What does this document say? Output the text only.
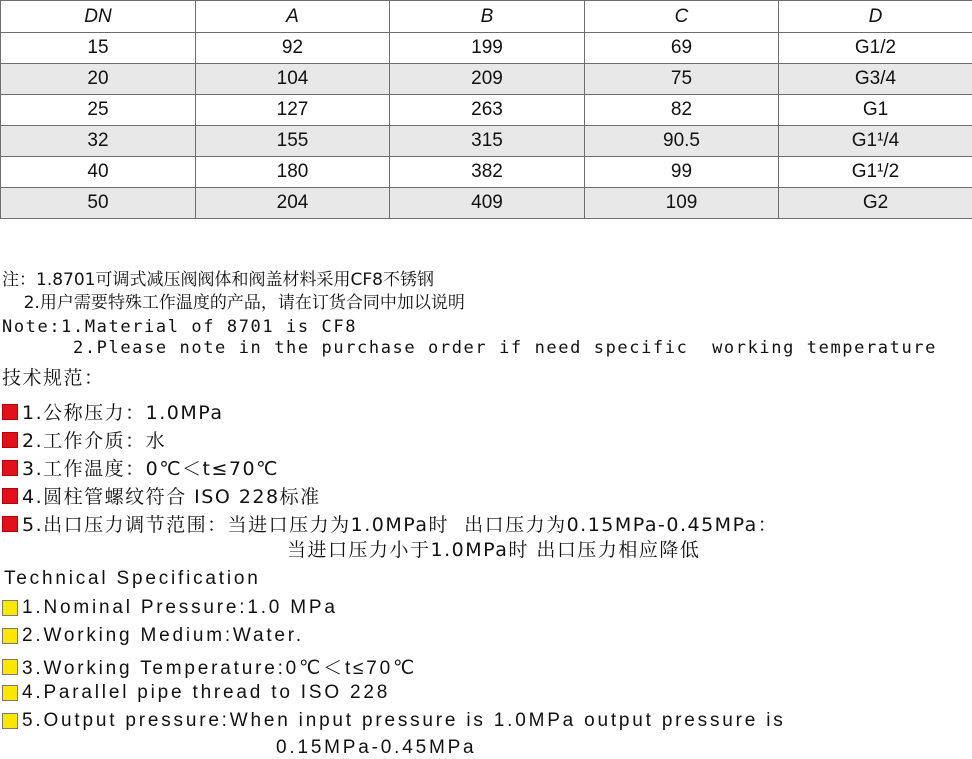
DN	A	B	C	D
15	92	199	69	G1/2
20	104	209	75	G3/4
25	127	263	82	G1
32	155	315	90.5	G1¹/4
40	180	382	99	G1¹/2
50	204	409	109	G2
注：1.8701可调式减压阀阀体和阀盖材料采用CF8不锈钢
2.用户需要特殊工作温度的产品，请在订货合同中加以说明
Note:1.Material of 8701 is CF8
2.Please note in the purchase order if need specific  working temperature
技术规范：
1.公称压力：1.0MPa
2.工作介质：水
3.工作温度：0℃＜t≤70℃
4.圆柱管螺纹符合 ISO 228标准
5.出口压力调节范围：当进口压力为1.0MPa时  出口压力为0.15MPa-0.45MPa：
当进口压力小于1.0MPa时 出口压力相应降低
Technical Specification
1.Nominal Pressure:1.0 MPa
2.Working Medium:Water.
3.Working Temperature:0℃＜t≤70℃
4.Parallel pipe thread to ISO 228
5.Output pressure:When input pressure is 1.0MPa output pressure is
0.15MPa-0.45MPa
